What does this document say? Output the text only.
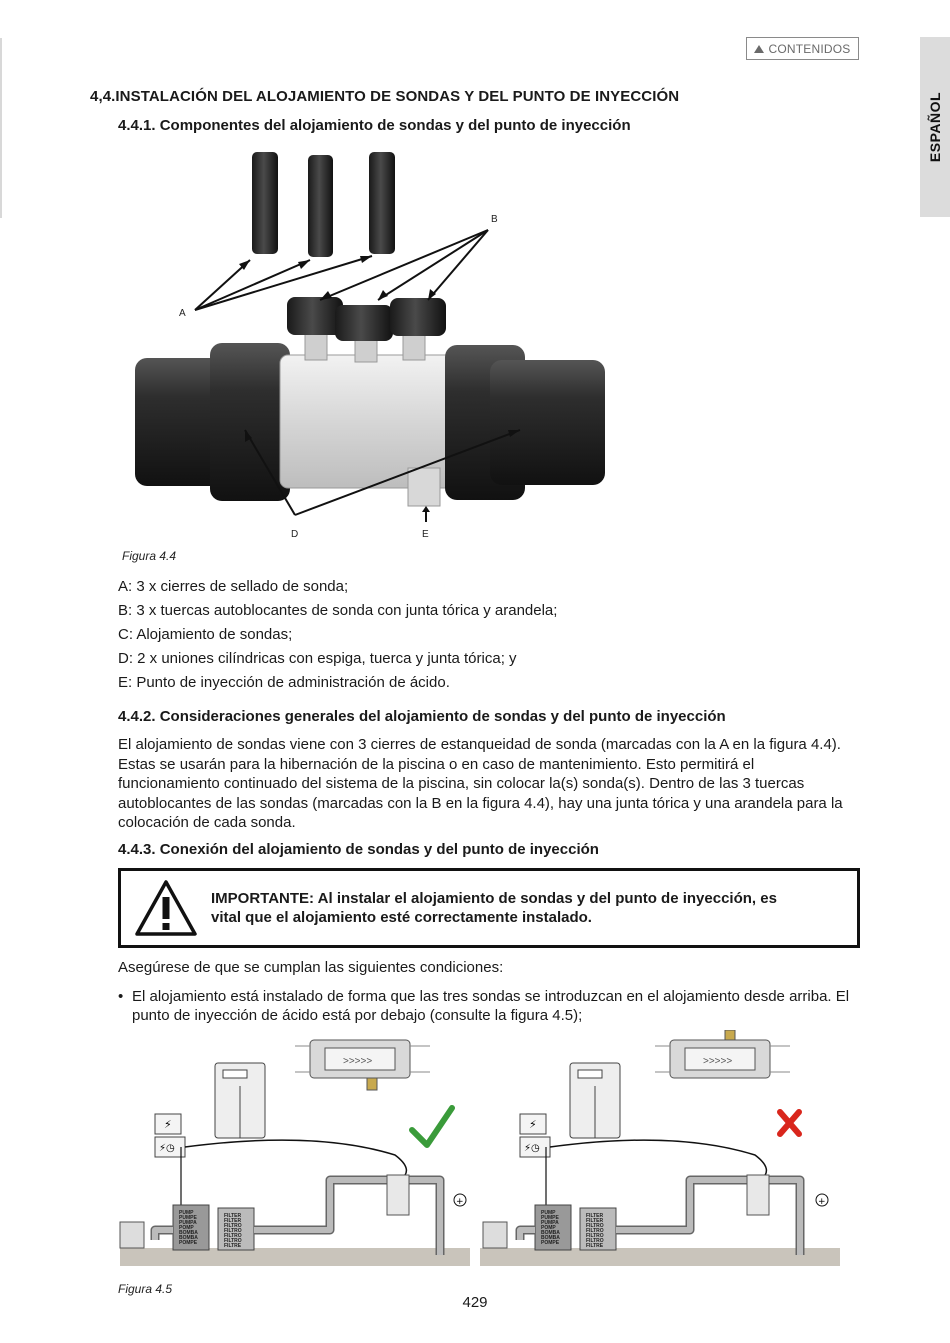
CONTENIDOS
ESPAÑOL
4,4.INSTALACIÓN DEL ALOJAMIENTO DE SONDAS Y DEL PUNTO DE INYECCIÓN
4.4.1. Componentes del alojamiento de sondas y del punto de inyección
B
A
D	E
Figura 4.4
A: 3 x cierres de sellado de sonda;
B: 3 x tuercas autoblocantes de sonda con junta tórica y arandela;
C: Alojamiento de sondas;
D: 2 x uniones cilíndricas con espiga, tuerca y junta tórica; y
E: Punto de inyección de administración de ácido.
4.4.2. Consideraciones generales del alojamiento de sondas y del punto de inyección
El alojamiento de sondas viene con 3 cierres de estanqueidad de sonda (marcadas con la A en la figura 4.4). Estas se usarán para la hibernación de la piscina o en caso de mantenimiento. Esto permitirá el funcionamiento continuado del sistema de la piscina, sin colocar la(s) sonda(s). Dentro de las 3 tuercas autoblocantes de las sondas (marcadas con la B en la figura 4.4), hay una junta tórica y una arandela para la colocación de cada sonda.
4.4.3. Conexión del alojamiento de sondas y del punto de inyección
IMPORTANTE: Al instalar el alojamiento de sondas y del punto de inyección, es vital que el alojamiento esté correctamente instalado.
Asegúrese de que se cumplan las siguientes condiciones:
• El alojamiento está instalado de forma que las tres sondas se introduzcan en el alojamiento desde arriba. El punto de inyección de ácido está por debajo (consulte la figura 4.5);
>>>>>
⚡
⚡◷
PUMP
PUMPE
PUMPA
POMP
BOMBA
BOMBA
POMPE
FILTER
FILTER
FILTRO
FILTRO
FILTRO
FILTRO
FILTRE
+
>>>>>
⚡
⚡◷
PUMP
PUMPE
PUMPA
POMP
BOMBA
BOMBA
POMPE
FILTER
FILTER
FILTRO
FILTRO
FILTRO
FILTRO
FILTRE
+
Figura 4.5
429
